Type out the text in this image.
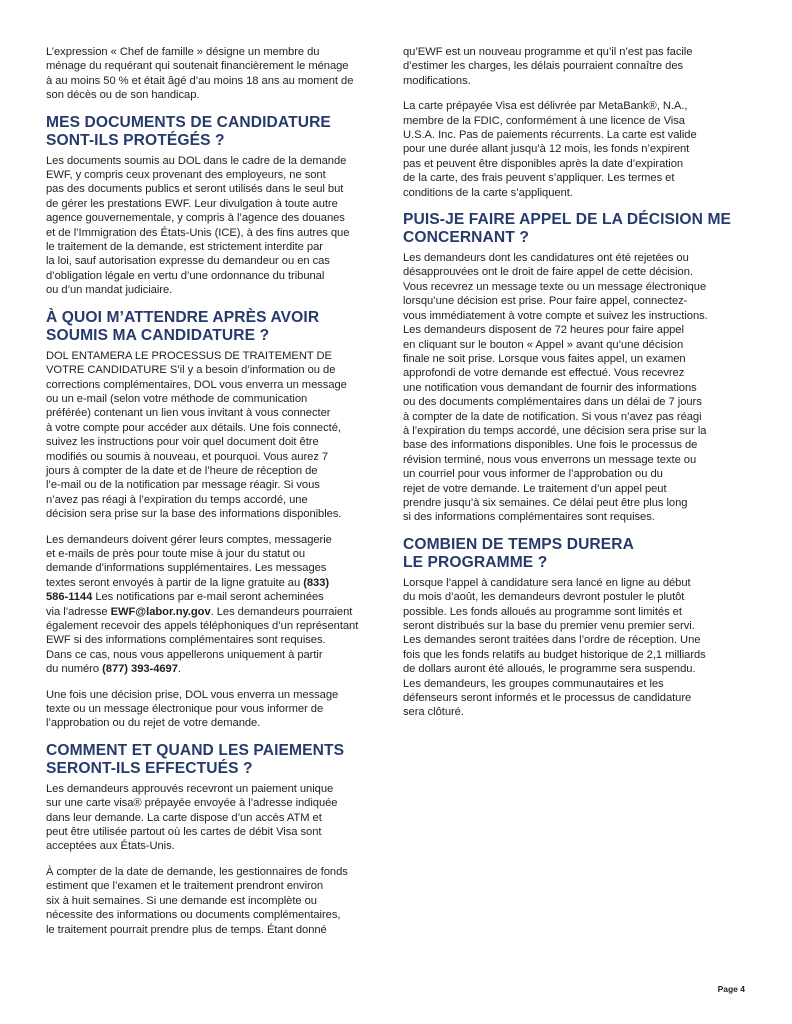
L’expression « Chef de famille » désigne un membre du
ménage du requérant qui soutenait financièrement le ménage
à au moins 50 % et était âgé d’au moins 18 ans au moment de
son décès ou de son handicap.

MES DOCUMENTS DE CANDIDATURE
SONT-ILS PROTÉGÉS ?

Les documents soumis au DOL dans le cadre de la demande
EWF, y compris ceux provenant des employeurs, ne sont
pas des documents publics et seront utilisés dans le seul but
de gérer les prestations EWF. Leur divulgation à toute autre
agence gouvernementale, y compris à l’agence des douanes
et de l’Immigration des États-Unis (ICE), à des fins autres que
le traitement de la demande, est strictement interdite par
la loi, sauf autorisation expresse du demandeur ou en cas
d’obligation légale en vertu d’une ordonnance du tribunal
ou d’un mandat judiciaire.

À QUOI M’ATTENDRE APRÈS AVOIR
SOUMIS MA CANDIDATURE ?

DOL ENTAMERA LE PROCESSUS DE TRAITEMENT DE
VOTRE CANDIDATURE S’il y a besoin d’information ou de
corrections complémentaires, DOL vous enverra un message
ou un e-mail (selon votre méthode de communication
préférée) contenant un lien vous invitant à vous connecter
à votre compte pour accéder aux détails. Une fois connecté,
suivez les instructions pour voir quel document doit être
modifiés ou soumis à nouveau, et pourquoi. Vous aurez 7
jours à compter de la date et de l’heure de réception de
l’e-mail ou de la notification par message réagir. Si vous
n’avez pas réagi à l’expiration du temps accordé, une
décision sera prise sur la base des informations disponibles.

Les demandeurs doivent gérer leurs comptes, messagerie
et e-mails de près pour toute mise à jour du statut ou
demande d’informations supplémentaires. Les messages
textes seront envoyés à partir de la ligne gratuite au (833)
586-1144 Les notifications par e-mail seront acheminées
via l’adresse EWF@labor.ny.gov. Les demandeurs pourraient
également recevoir des appels téléphoniques d’un représentant
EWF si des informations complémentaires sont requises.
Dans ce cas, nous vous appellerons uniquement à partir
du numéro (877) 393-4697.

Une fois une décision prise, DOL vous enverra un message
texte ou un message électronique pour vous informer de
l’approbation ou du rejet de votre demande.

COMMENT ET QUAND LES PAIEMENTS
SERONT-ILS EFFECTUÉS ?

Les demandeurs approuvés recevront un paiement unique
sur une carte visa® prépayée envoyée à l’adresse indiquée
dans leur demande. La carte dispose d’un accès ATM et
peut être utilisée partout où les cartes de débit Visa sont
acceptées aux États-Unis.

À compter de la date de demande, les gestionnaires de fonds
estiment que l’examen et le traitement prendront environ
six à huit semaines. Si une demande est incomplète ou
nécessite des informations ou documents complémentaires,
le traitement pourrait prendre plus de temps. Étant donné

qu’EWF est un nouveau programme et qu’il n’est pas facile
d’estimer les charges, les délais pourraient connaître des
modifications.

La carte prépayée Visa est délivrée par MetaBank®, N.A.,
membre de la FDIC, conformément à une licence de Visa
U.S.A. Inc. Pas de paiements récurrents. La carte est valide
pour une durée allant jusqu’à 12 mois, les fonds n’expirent
pas et peuvent être disponibles après la date d’expiration
de la carte, des frais peuvent s’appliquer. Les termes et
conditions de la carte s’appliquent.

PUIS-JE FAIRE APPEL DE LA DÉCISION ME
CONCERNANT ?

Les demandeurs dont les candidatures ont été rejetées ou
désapprouvées ont le droit de faire appel de cette décision.
Vous recevrez un message texte ou un message électronique
lorsqu’une décision est prise. Pour faire appel, connectez-
vous immédiatement à votre compte et suivez les instructions.
Les demandeurs disposent de 72 heures pour faire appel
en cliquant sur le bouton « Appel » avant qu’une décision
finale ne soit prise. Lorsque vous faites appel, un examen
approfondi de votre demande est effectué. Vous recevrez
une notification vous demandant de fournir des informations
ou des documents complémentaires dans un délai de 7 jours
à compter de la date de notification. Si vous n’avez pas réagi
à l’expiration du temps accordé, une décision sera prise sur la
base des informations disponibles. Une fois le processus de
révision terminé, nous vous enverrons un message texte ou
un courriel pour vous informer de l’approbation ou du
rejet de votre demande. Le traitement d’un appel peut
prendre jusqu’à six semaines. Ce délai peut être plus long
si des informations complémentaires sont requises.

COMBIEN DE TEMPS DURERA
LE PROGRAMME ?

Lorsque l’appel à candidature sera lancé en ligne au début
du mois d’août, les demandeurs devront postuler le plutôt
possible. Les fonds alloués au programme sont limités et
seront distribués sur la base du premier venu premier servi.
Les demandes seront traitées dans l’ordre de réception. Une
fois que les fonds relatifs au budget historique de 2,1 milliards
de dollars auront été alloués, le programme sera suspendu.
Les demandeurs, les groupes communautaires et les
défenseurs seront informés et le processus de candidature
sera clôturé.

Page 4
